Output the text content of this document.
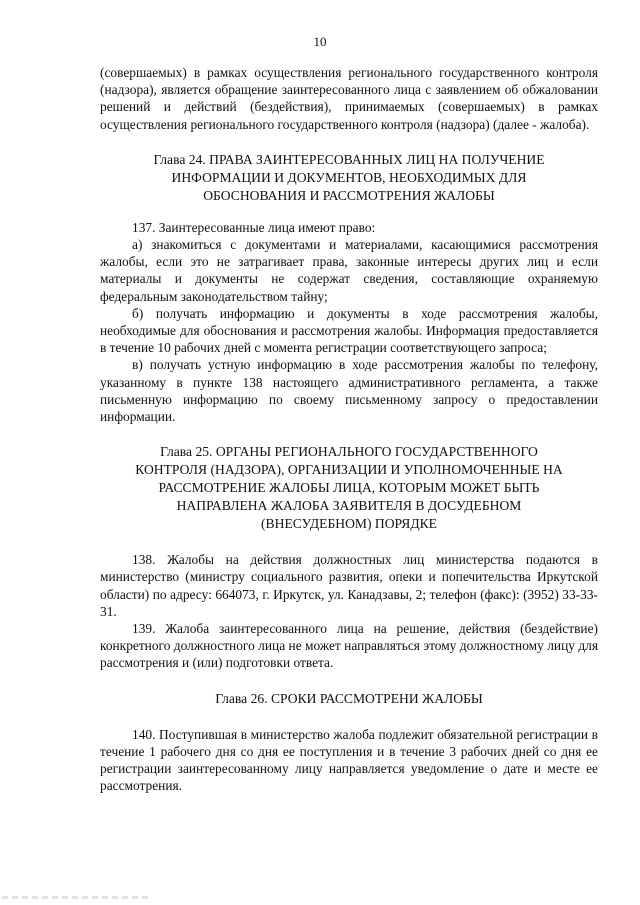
10

(совершаемых) в рамках осуществления регионального государственного контроля (надзора), является обращение заинтересованного лица с заявлением об обжаловании решений и действий (бездействия), принимаемых (совершаемых) в рамках осуществления регионального государственного контроля (надзора) (далее - жалоба).

Глава 24. ПРАВА ЗАИНТЕРЕСОВАННЫХ ЛИЦ НА ПОЛУЧЕНИЕ

ИНФОРМАЦИИ И ДОКУМЕНТОВ, НЕОБХОДИМЫХ ДЛЯ

ОБОСНОВАНИЯ И РАССМОТРЕНИЯ ЖАЛОБЫ

137. Заинтересованные лица имеют право:

а) знакомиться с документами и материалами, касающимися рассмотрения жалобы, если это не затрагивает права, законные интересы других лиц и если материалы и документы не содержат сведения, составляющие охраняемую федеральным законодательством тайну;

б) получать информацию и документы в ходе рассмотрения жалобы, необходимые для обоснования и рассмотрения жалобы. Информация предоставляется в течение 10 рабочих дней с момента регистрации соответствующего запроса;

в) получать устную информацию в ходе рассмотрения жалобы по телефону, указанному в пункте 138 настоящего административного регламента, а также письменную информацию по своему письменному запросу о предоставлении информации.

Глава 25. ОРГАНЫ РЕГИОНАЛЬНОГО ГОСУДАРСТВЕННОГО

КОНТРОЛЯ (НАДЗОРА), ОРГАНИЗАЦИИ И УПОЛНОМОЧЕННЫЕ НА

РАССМОТРЕНИЕ ЖАЛОБЫ ЛИЦА, КОТОРЫМ МОЖЕТ БЫТЬ

НАПРАВЛЕНА ЖАЛОБА ЗАЯВИТЕЛЯ В ДОСУДЕБНОМ

(ВНЕСУДЕБНОМ) ПОРЯДКЕ

138. Жалобы на действия должностных лиц министерства подаются в министерство (министру социального развития, опеки и попечительства Иркутской области) по адресу: 664073, г. Иркутск, ул. Канадзавы, 2; телефон (факс): (3952) 33-33-31.

139. Жалоба заинтересованного лица на решение, действия (бездействие) конкретного должностного лица не может направляться этому должностному лицу для рассмотрения и (или) подготовки ответа.

Глава 26. СРОКИ РАССМОТРЕНИ ЖАЛОБЫ

140. Поступившая в министерство жалоба подлежит обязательной регистрации в течение 1 рабочего дня со дня ее поступления и в течение 3 рабочих дней со дня ее регистрации заинтересованному лицу направляется уведомление о дате и месте ее рассмотрения.
